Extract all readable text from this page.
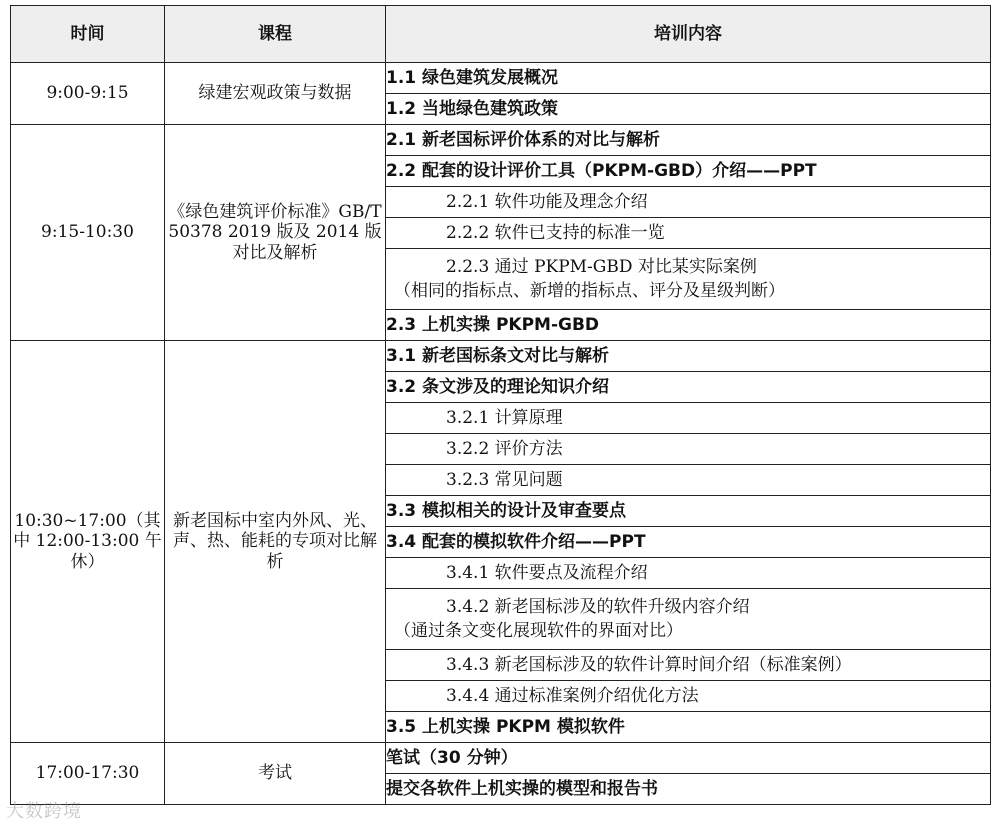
时间	课程	培训内容
9:00-9:15	绿建宏观政策与数据	1.1 绿色建筑发展概况
		1.2 当地绿色建筑政策
9:15-10:30	《绿色建筑评价标准》GB/T 50378 2019 版及 2014 版对比及解析	2.1 新老国标评价体系的对比与解析
		2.2 配套的设计评价工具（PKPM-GBD）介绍——PPT

		2.2.1 软件功能及理念介绍

		2.2.2 软件已支持的标准一览

		2.2.3 通过 PKPM-GBD 对比某实际案例
（相同的指标点、新增的指标点、评分及星级判断）

		2.3 上机实操 PKPM-GBD
10:30~17:00（其中 12:00-13:00 午休）	新老国标中室内外风、光、声、热、能耗的专项对比解析	3.1 新老国标条文对比与解析
		3.2 条文涉及的理论知识介绍

		3.2.1 计算原理

		3.2.2 评价方法

		3.2.3 常见问题

		3.3 模拟相关的设计及审查要点
		3.4 配套的模拟软件介绍——PPT

		3.4.1 软件要点及流程介绍

		3.4.2 新老国标涉及的软件升级内容介绍
（通过条文变化展现软件的界面对比）

		3.4.3 新老国标涉及的软件计算时间介绍（标准案例）

		3.4.4 通过标准案例介绍优化方法

		3.5 上机实操 PKPM 模拟软件
17:00-17:30	考试	笔试（30 分钟）
		提交各软件上机实操的模型和报告书
大数跨境
